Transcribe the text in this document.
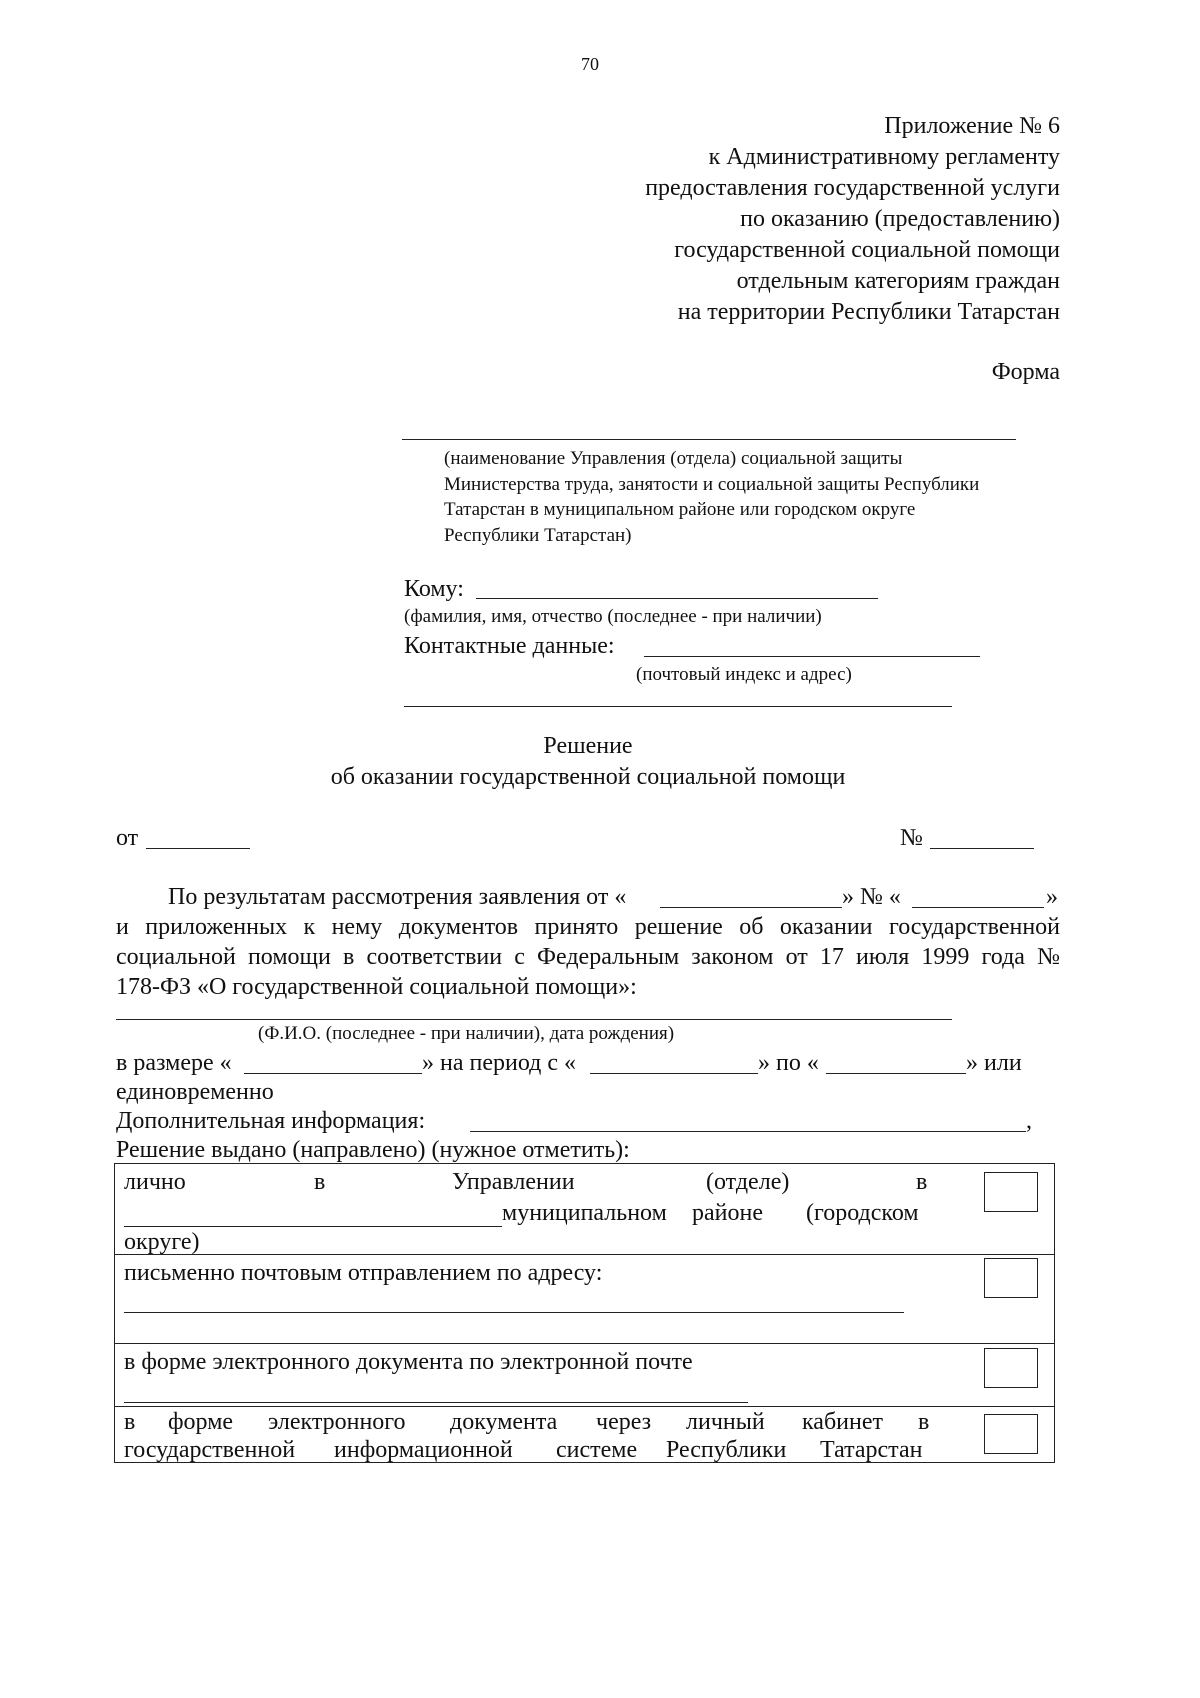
70
Приложение № 6
к Административному регламенту
предоставления государственной услуги
по оказанию (предоставлению)
государственной социальной помощи
отдельным категориям граждан
на территории Республики Татарстан
Форма
(наименование Управления (отдела) социальной защиты
Министерства труда, занятости и социальной защиты Республики
Татарстан в муниципальном районе или городском округе
Республики Татарстан)
Кому:
(фамилия, имя, отчество (последнее - при наличии)
Контактные данные:
(почтовый индекс и адрес)
Решение
об оказании государственной социальной помощи
от	№
По результатам рассмотрения заявления от «	» № «	»
и приложенных к нему документов принято решение об оказании государственной
социальной помощи в соответствии с Федеральным законом от 17 июля 1999 года №
178-ФЗ «О государственной социальной помощи»:
(Ф.И.О. (последнее - при наличии), дата рождения)
в размере «	» на период с «	» по «	» или
единовременно
Дополнительная информация:	,
Решение выдано (направлено) (нужное отметить):
лично	в	Управлении	(отделе)	в
муниципальном районе (городском
округе)
письменно почтовым отправлением по адресу:
в форме электронного документа по электронной почте
в форме электронного документа через личный кабинет в
государственной информационной системе Республики Татарстан
